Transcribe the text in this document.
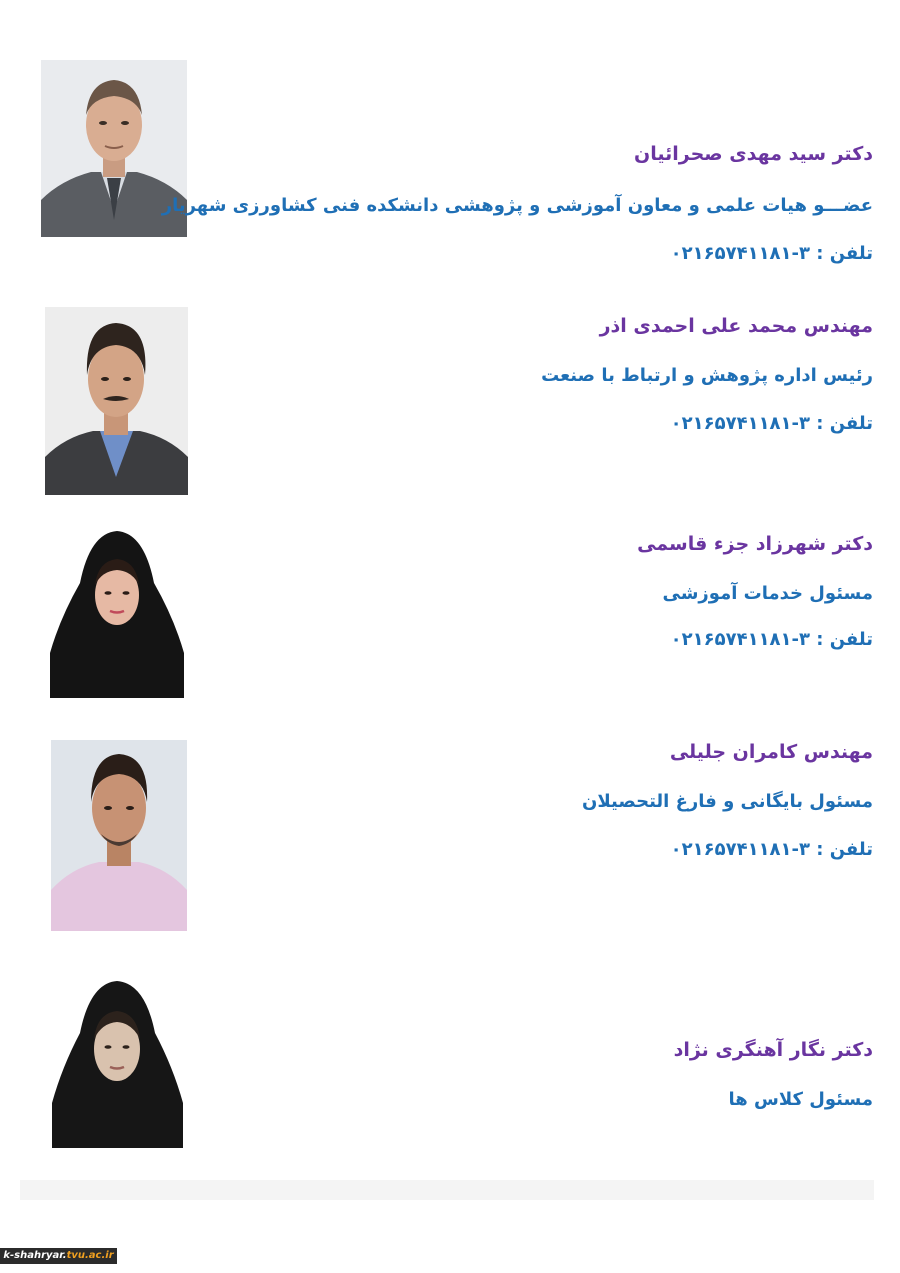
دکتر سید مهدی صحرائیان
عضـــو هیات علمی و معاون آموزشی و پژوهشی دانشکده فنی کشاورزی شهریار
تلفن : ۰۲۱۶۵۷۴۱۱۸۱-۳
مهندس محمد علی احمدی اذر
رئیس اداره پژوهش و ارتباط با صنعت
تلفن : ۰۲۱۶۵۷۴۱۱۸۱-۳
دکتر شهرزاد جزء قاسمی
مسئول خدمات آموزشی
تلفن : ۰۲۱۶۵۷۴۱۱۸۱-۳
مهندس کامران جلیلی
مسئول بایگانی و فارغ التحصیلان
تلفن : ۰۲۱۶۵۷۴۱۱۸۱-۳
دکتر نگار آهنگری نژاد
مسئول کلاس ها
k-shahryar.tvu.ac.ir
